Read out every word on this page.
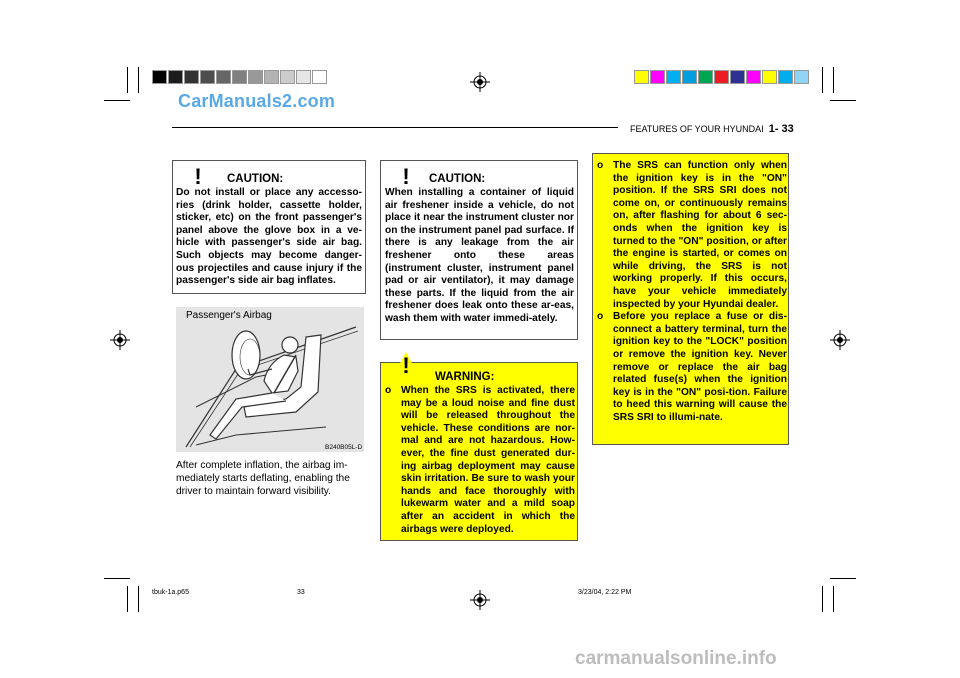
CarManuals2.com
FEATURES OF YOUR HYUNDAI 1- 33
! CAUTION:
Do not install or place any accesso-ries (drink holder, cassette holder, sticker, etc) on the front passenger's panel above the glove box in a ve-hicle with passenger's side air bag. Such objects may become danger-ous projectiles and cause injury if the passenger's side air bag inflates.
! CAUTION:
When installing a container of liquid air freshener inside a vehicle, do not place it near the instrument cluster nor on the instrument panel pad surface. If there is any leakage from the air freshener onto these areas (instrument cluster, instrument panel pad or air ventilator), it may damage these parts. If the liquid from the air freshener does leak onto these ar-eas, wash them with water immedi-ately.
! WARNING:

o When the SRS is activated, there may be a loud noise and fine dust will be released throughout the vehicle. These conditions are nor-mal and are not hazardous. How-ever, the fine dust generated dur-ing airbag deployment may cause skin irritation. Be sure to wash your hands and face thoroughly with lukewarm water and a mild soap after an accident in which the airbags were deployed.

o The SRS can function only when the ignition key is in the "ON" position. If the SRS SRI does not come on, or continuously remains on, after flashing for about 6 sec-onds when the ignition key is turned to the "ON" position, or after the engine is started, or comes on while driving, the SRS is not working properly. If this occurs, have your vehicle immediately inspected by your Hyundai dealer.

o Before you replace a fuse or dis-connect a battery terminal, turn the ignition key to the "LOCK" position or remove the ignition key. Never remove or replace the air bag related fuse(s) when the ignition key is in the "ON" posi-tion. Failure to heed this warning will cause the SRS SRI to illumi-nate.

Passenger's Airbag
B240B05L-D
After complete inflation, the airbag im-mediately starts deflating, enabling the driver to maintain forward visibility.
tbuk-1a.p65	33	3/23/04, 2:22 PM
carmanualsonline.info
